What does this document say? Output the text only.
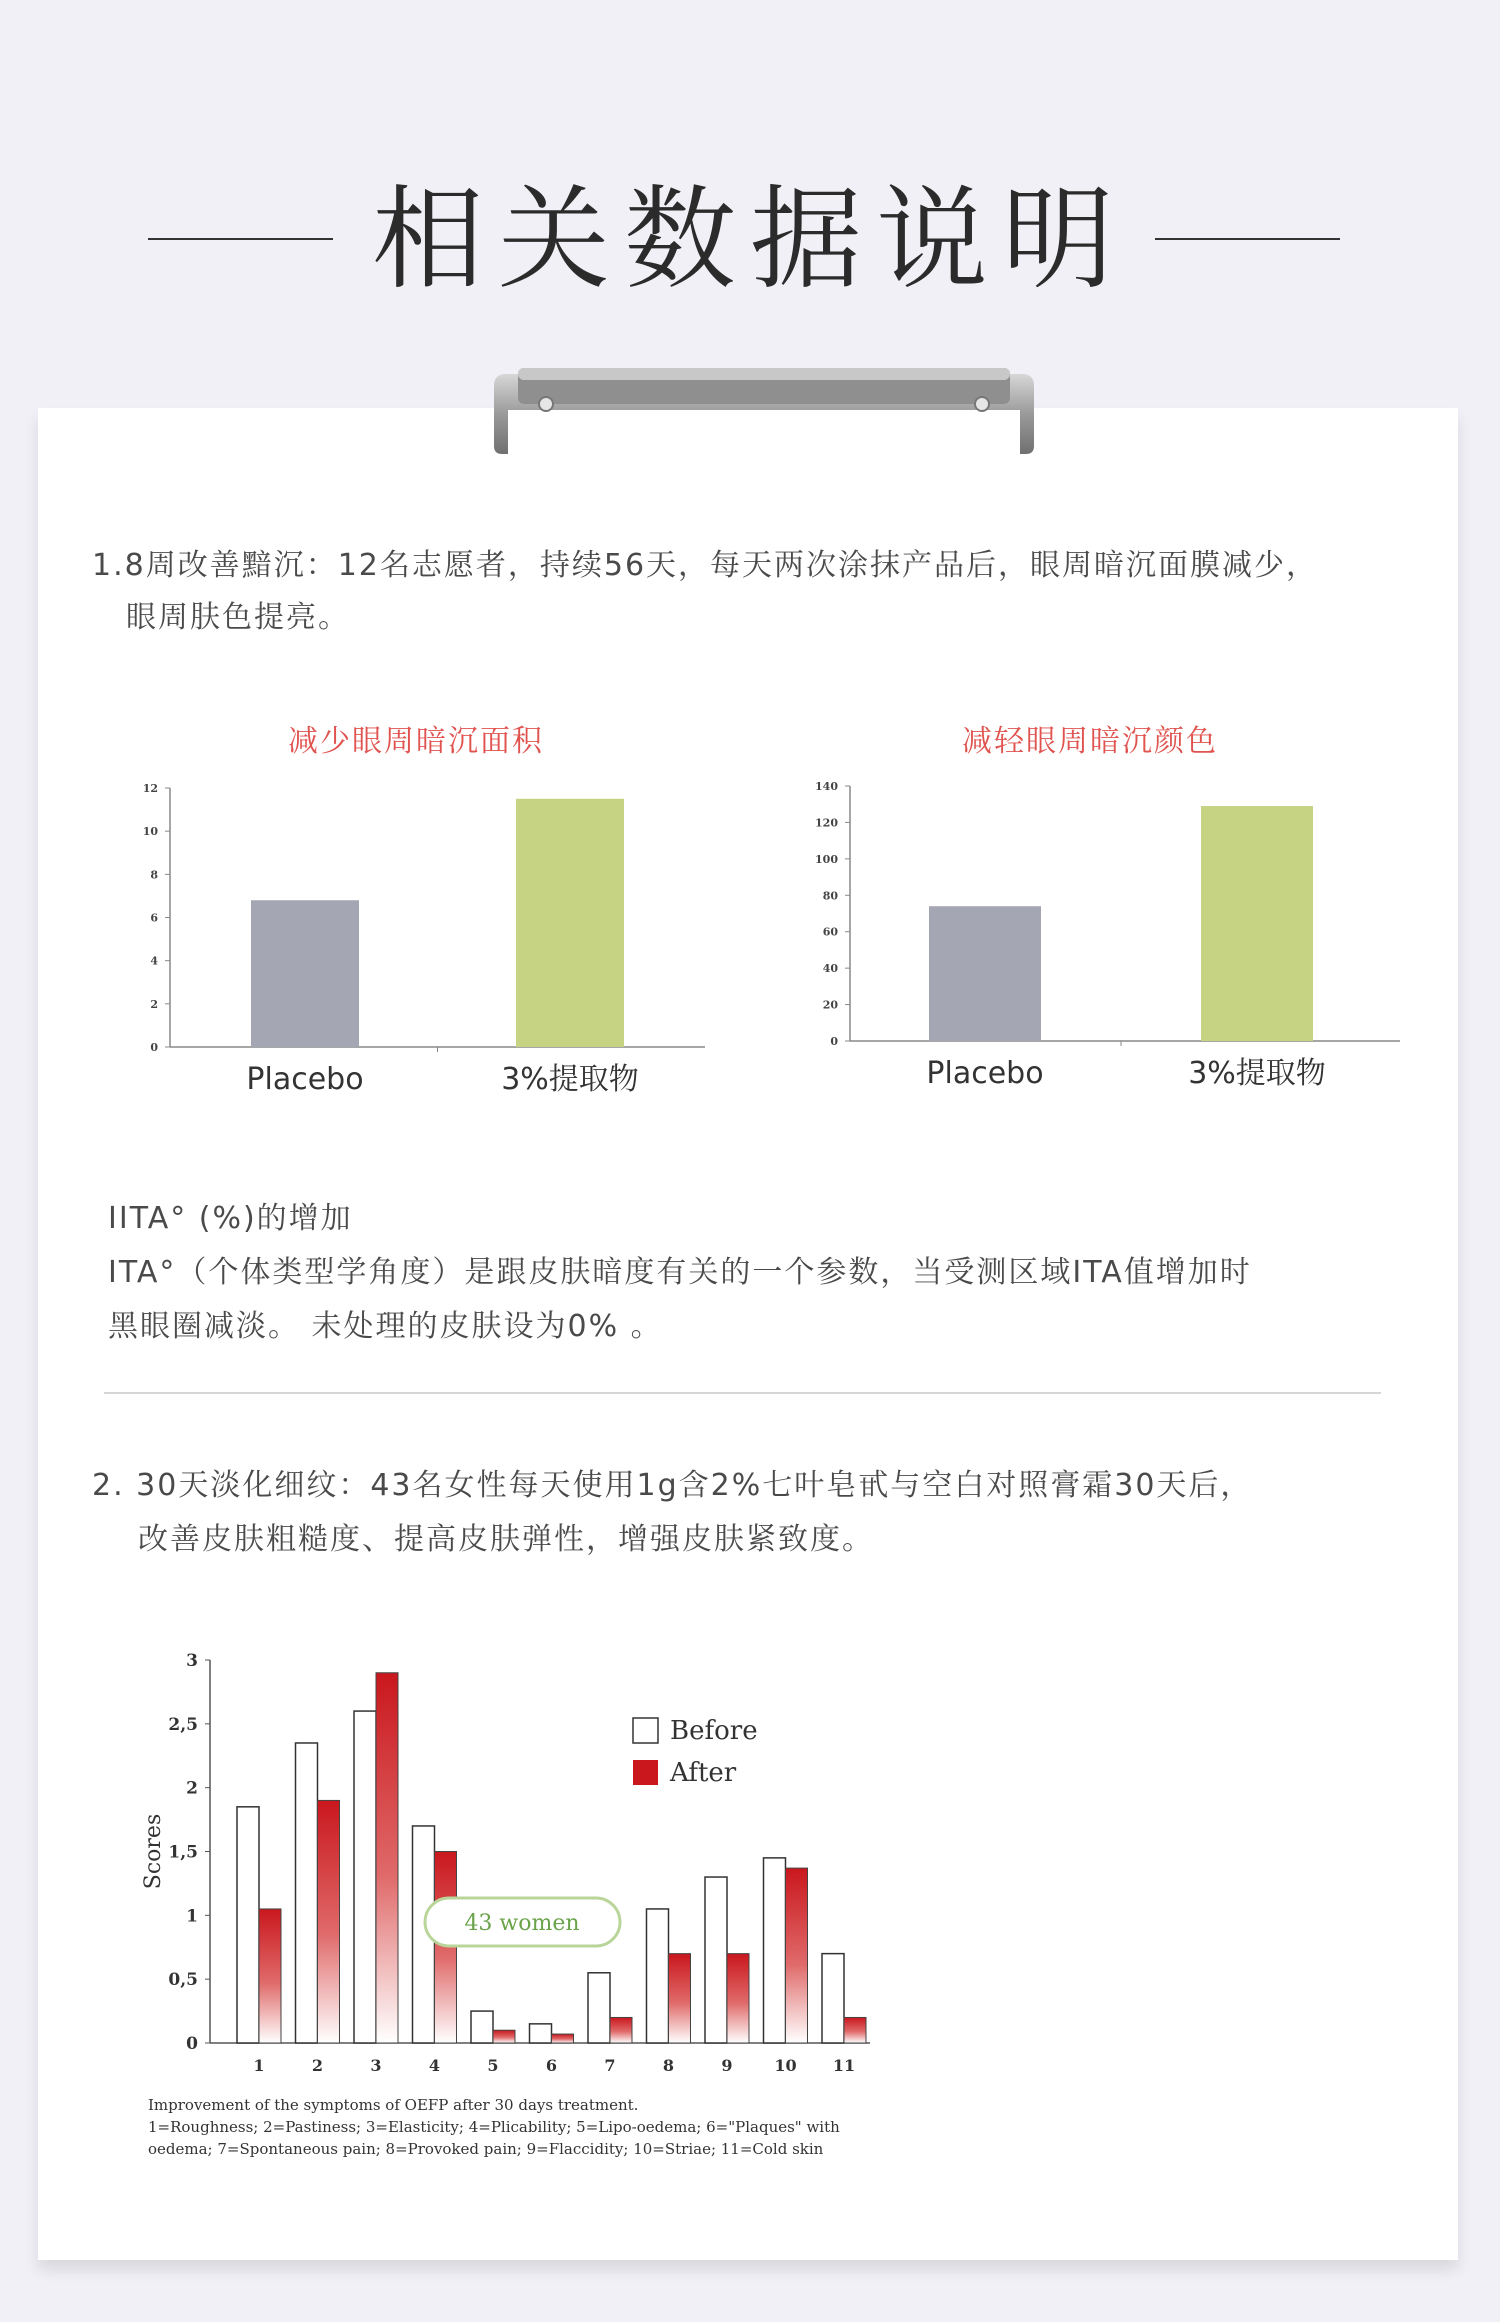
相关数据说明
1.8周改善黯沉：12名志愿者，持续56天，每天两次涂抹产品后，眼周暗沉面膜减少，
眼周肤色提亮。
减少眼周暗沉面积
0
2
4
6
8
10
12
Placebo	3%提取物
减轻眼周暗沉颜色
0
20
40
60
80
100
120
140
Placebo	3%提取物
IITA° (%)的增加
ITA°（个体类型学角度）是跟皮肤暗度有关的一个参数，当受测区域ITA值增加时
黑眼圈减淡。 未处理的皮肤设为0% 。
2. 30天淡化细纹：43名女性每天使用1g含2%七叶皂甙与空白对照膏霜30天后，
改善皮肤粗糙度、提高皮肤弹性，增强皮肤紧致度。
0
0,5
1
1,5
2
2,5
3
Scores
1	2	3	4	5	6	7	8	9	10 11
Before
After
43 women
Improvement of the symptoms of OEFP after 30 days treatment.
1=Roughness; 2=Pastiness; 3=Elasticity; 4=Plicability; 5=Lipo-oedema; 6="Plaques" with
oedema; 7=Spontaneous pain; 8=Provoked pain; 9=Flaccidity; 10=Striae; 11=Cold skin
